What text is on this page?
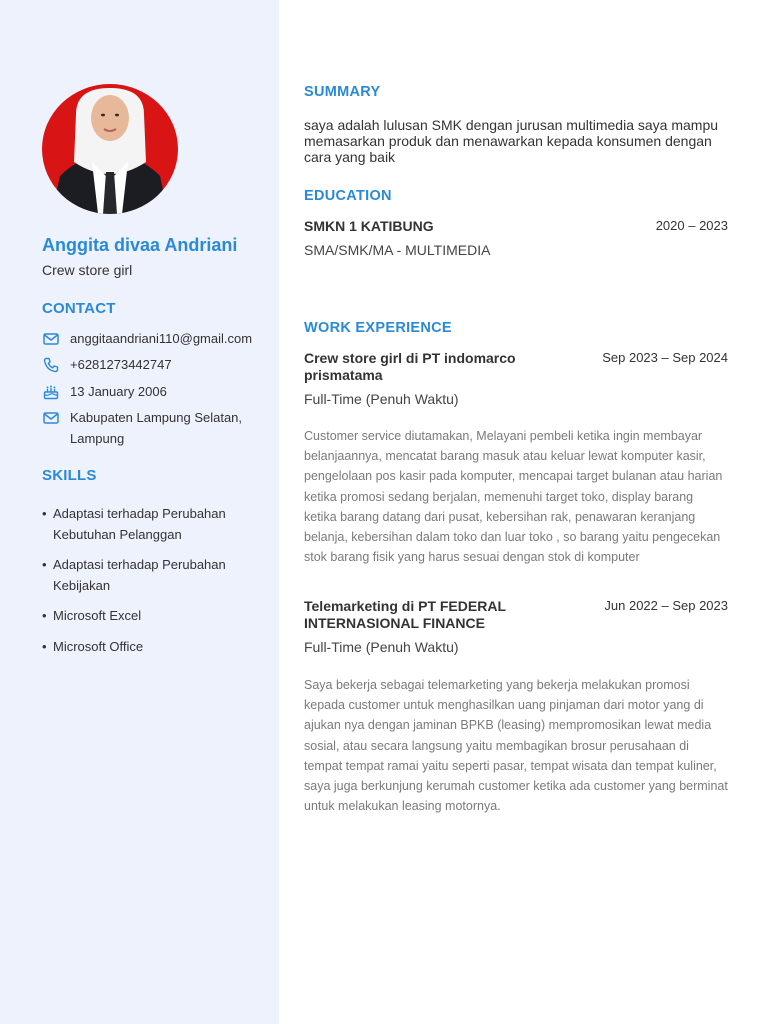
Anggita divaa Andriani
Crew store girl
CONTACT
anggitaandriani110@gmail.com
+6281273442747
13 January 2006
Kabupaten Lampung Selatan, Lampung
SKILLS
• Adaptasi terhadap Perubahan Kebutuhan Pelanggan
• Adaptasi terhadap Perubahan Kebijakan
• Microsoft Excel
• Microsoft Office
SUMMARY
saya adalah lulusan SMK dengan jurusan multimedia saya mampu memasarkan produk dan menawarkan kepada konsumen dengan cara yang baik
EDUCATION
SMKN 1 KATIBUNG	2020 – 2023
SMA/SMK/MA - MULTIMEDIA
WORK EXPERIENCE
Crew store girl di PT indomarco prismatama
Sep 2023 – Sep 2024
Full-Time (Penuh Waktu)
Customer service diutamakan, Melayani pembeli ketika ingin membayar belanjaannya, mencatat barang masuk atau keluar lewat komputer kasir, pengelolaan pos kasir pada komputer, mencapai target bulanan atau harian ketika promosi sedang berjalan, memenuhi target toko, display barang ketika barang datang dari pusat, kebersihan rak, penawaran keranjang belanja, kebersihan dalam toko dan luar toko , so barang yaitu pengecekan stok barang fisik yang harus sesuai dengan stok di komputer
Telemarketing di PT FEDERAL INTERNASIONAL FINANCE
Jun 2022 – Sep 2023
Full-Time (Penuh Waktu)
Saya bekerja sebagai telemarketing yang bekerja melakukan promosi kepada customer untuk menghasilkan uang pinjaman dari motor yang di ajukan nya dengan jaminan BPKB (leasing) mempromosikan lewat media sosial, atau secara langsung yaitu membagikan brosur perusahaan di tempat tempat ramai yaitu seperti pasar, tempat wisata dan tempat kuliner, saya juga berkunjung kerumah customer ketika ada customer yang berminat untuk melakukan leasing motornya.
